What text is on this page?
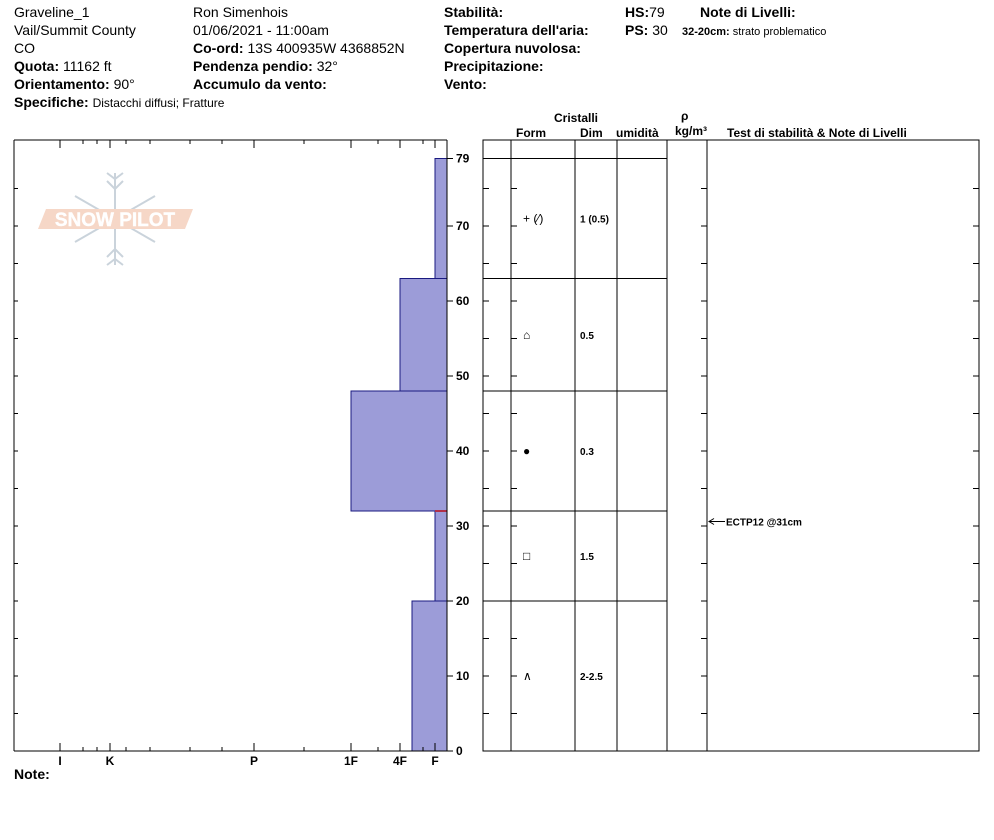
Graveline_1
Vail/Summit County
CO
Quota: 11162 ft
Orientamento: 90°
Specifiche: Distacchi diffusi; Fratture
Ron Simenhois
01/06/2021 - 11:00am
Co-ord: 13S 400935W 4368852N
Pendenza pendio: 32°
Accumulo da vento:
Stabilità:
Temperatura dell'aria:
Copertura nuvolosa:
Precipitazione:
Vento:
HS:79
PS: 30
Note di Livelli:
32-20cm: strato problematico
Cristalli
Form	Dim umidità
ρ
kg/m³ Test di stabilità & Note di Livelli
Note:
SNOW PILOT
I	K	P	1F	4F F
0
10
20
30
40
50
60
70
79
+ (⁄)	1 (0.5)
⌂	0.5
●	0.3
□	1.5
∧	2-2.5
ECTP12 @31cm
